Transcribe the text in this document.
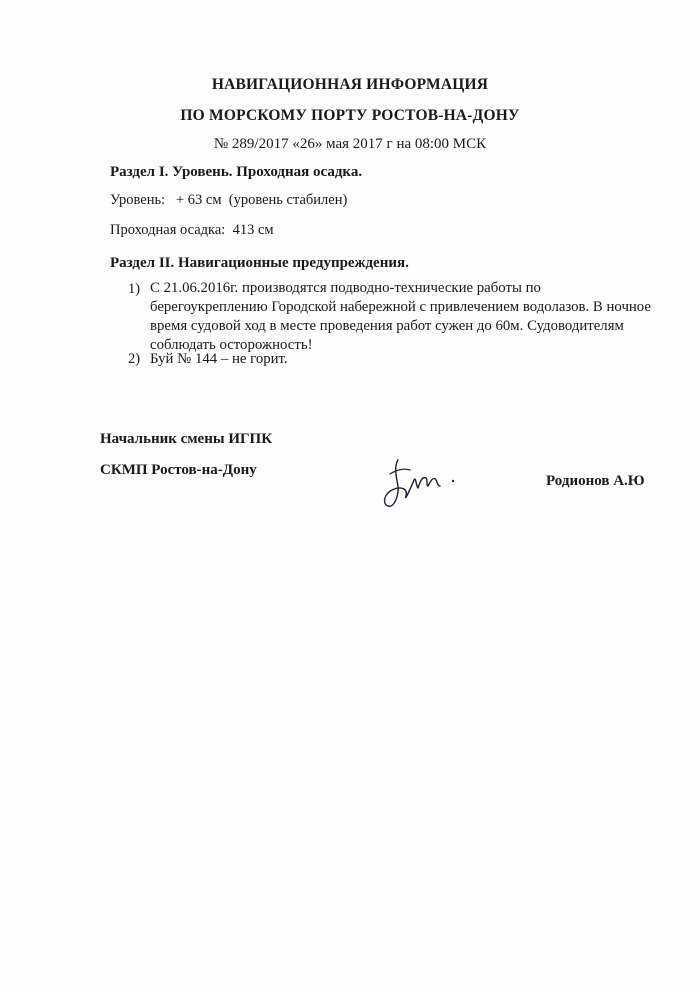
НАВИГАЦИОННАЯ ИНФОРМАЦИЯ
ПО МОРСКОМУ ПОРТУ РОСТОВ-НА-ДОНУ
№ 289/2017 «26» мая 2017 г на 08:00 МСК
Раздел I. Уровень. Проходная осадка.
Уровень: + 63 см (уровень стабилен)
Проходная осадка: 413 см
Раздел II. Навигационные предупреждения.
1) С 21.06.2016г. производятся подводно-технические работы по берегоукреплению Городской набережной с привлечением водолазов. В ночное время судовой ход в месте проведения работ сужен до 60м. Судоводителям соблюдать осторожность!
2) Буй № 144 – не горит.
Начальник смены ИГПК
СКМП Ростов-на-Дону
Родионов А.Ю
